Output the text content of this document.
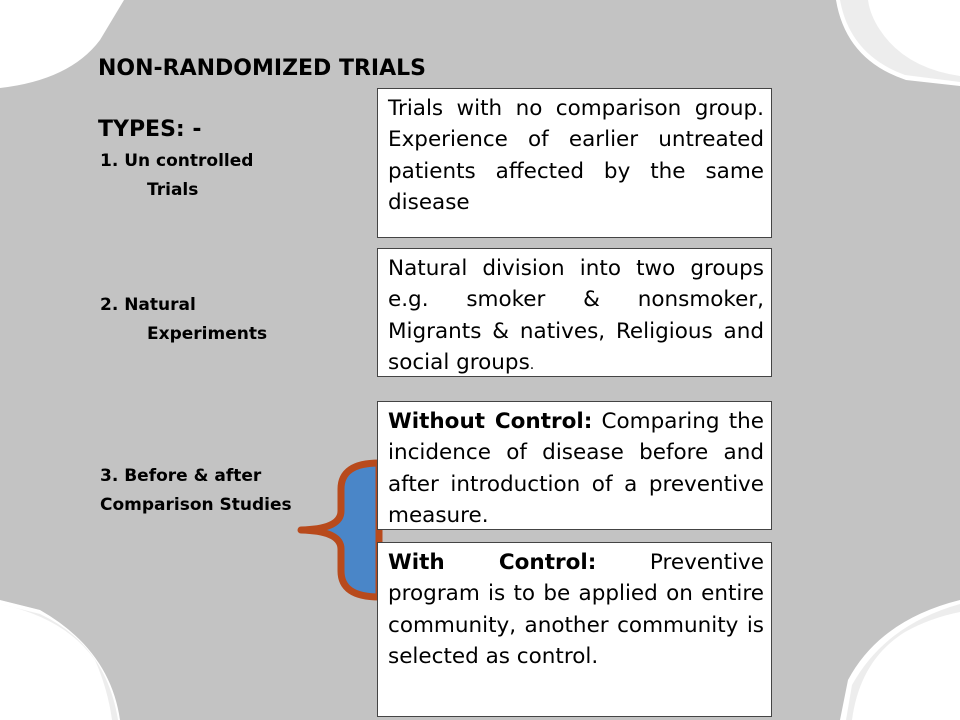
NON-RANDOMIZED TRIALS
TYPES: -
1. Un controlled
Trials
2. Natural
Experiments
3. Before & after
Comparison Studies
Trials with no comparison group. Experience of earlier untreated patients affected by the same disease
Natural division into two groups e.g. smoker & nonsmoker, Migrants & natives, Religious and social groups.
Without Control: Comparing the incidence of disease before and after introduction of a preventive measure.
With Control: Preventive program is to be applied on entire community, another community is selected as control.
